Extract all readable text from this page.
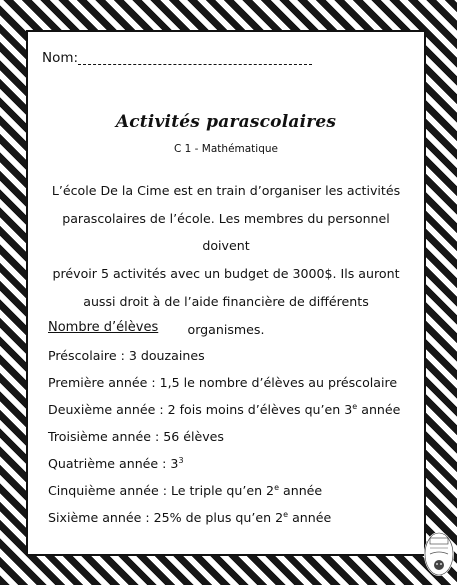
Nom:
Activités parascolaires
C 1 - Mathématique
L’école De la Cime est en train d’organiser les activités
parascolaires de l’école. Les membres du personnel doivent
prévoir 5 activités avec un budget de 3000$. Ils auront
aussi droit à de l’aide financière de différents organismes.
Nombre d’élèves
Préscolaire : 3 douzaines
Première année : 1,5 le nombre d’élèves au préscolaire
Deuxième année : 2 fois moins d’élèves qu’en 3e année
Troisième année : 56 élèves
Quatrième année : $3^3$
Cinquième année : Le triple qu’en 2e année
Sixième année : 25% de plus qu’en 2e année
